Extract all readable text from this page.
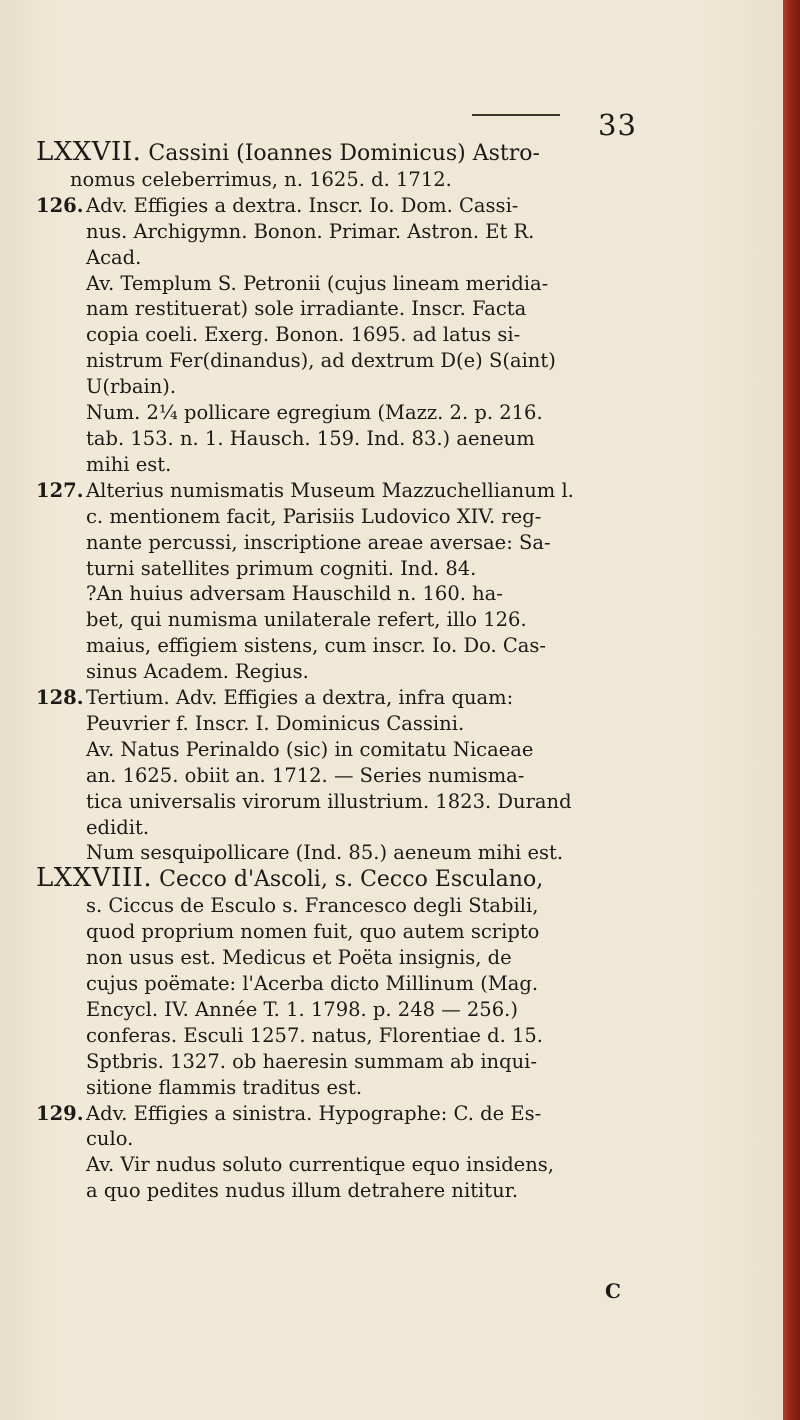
33

LXXVII. Cassini (Ioannes Dominicus) Astro-

nomus celeberrimus, n. 1625. d. 1712.

126. Adv. Effigies a dextra. Inscr. Io. Dom. Cassi-

nus. Archigymn. Bonon. Primar. Astron. Et R.

Acad.

Av. Templum S. Petronii (cujus lineam meridia-

nam restituerat) sole irradiante. Inscr. Facta

copia coeli. Exerg. Bonon. 1695. ad latus si-

nistrum Fer(dinandus), ad dextrum D(e) S(aint)

U(rbain).

Num. 2¼ pollicare egregium (Mazz. 2. p. 216.

tab. 153. n. 1. Hausch. 159. Ind. 83.) aeneum

mihi est.

127. Alterius numismatis Museum Mazzuchellianum l.

c. mentionem facit, Parisiis Ludovico XIV. reg-

nante percussi, inscriptione areae aversae: Sa-

turni satellites primum cogniti. Ind. 84.

?An huius adversam Hauschild n. 160. ha-

bet, qui numisma unilaterale refert, illo 126.

maius, effigiem sistens, cum inscr. Io. Do. Cas-

sinus Academ. Regius.

128. Tertium. Adv. Effigies a dextra, infra quam:

Peuvrier f. Inscr. I. Dominicus Cassini.

Av. Natus Perinaldo (sic) in comitatu Nicaeae

an. 1625. obiit an. 1712. — Series numisma-

tica universalis virorum illustrium. 1823. Durand

edidit.

Num sesquipollicare (Ind. 85.) aeneum mihi est.

LXXVIII. Cecco d'Ascoli, s. Cecco Esculano,

s. Ciccus de Esculo s. Francesco degli Stabili,

quod proprium nomen fuit, quo autem scripto

non usus est. Medicus et Poëta insignis, de

cujus poëmate: l'Acerba dicto Millinum (Mag.

Encycl. IV. Année T. 1. 1798. p. 248 — 256.)

conferas. Esculi 1257. natus, Florentiae d. 15.

Sptbris. 1327. ob haeresin summam ab inqui-

sitione flammis traditus est.

129. Adv. Effigies a sinistra. Hypographe: C. de Es-

culo.

Av. Vir nudus soluto currentique equo insidens,

a quo pedites nudus illum detrahere nititur.

C
